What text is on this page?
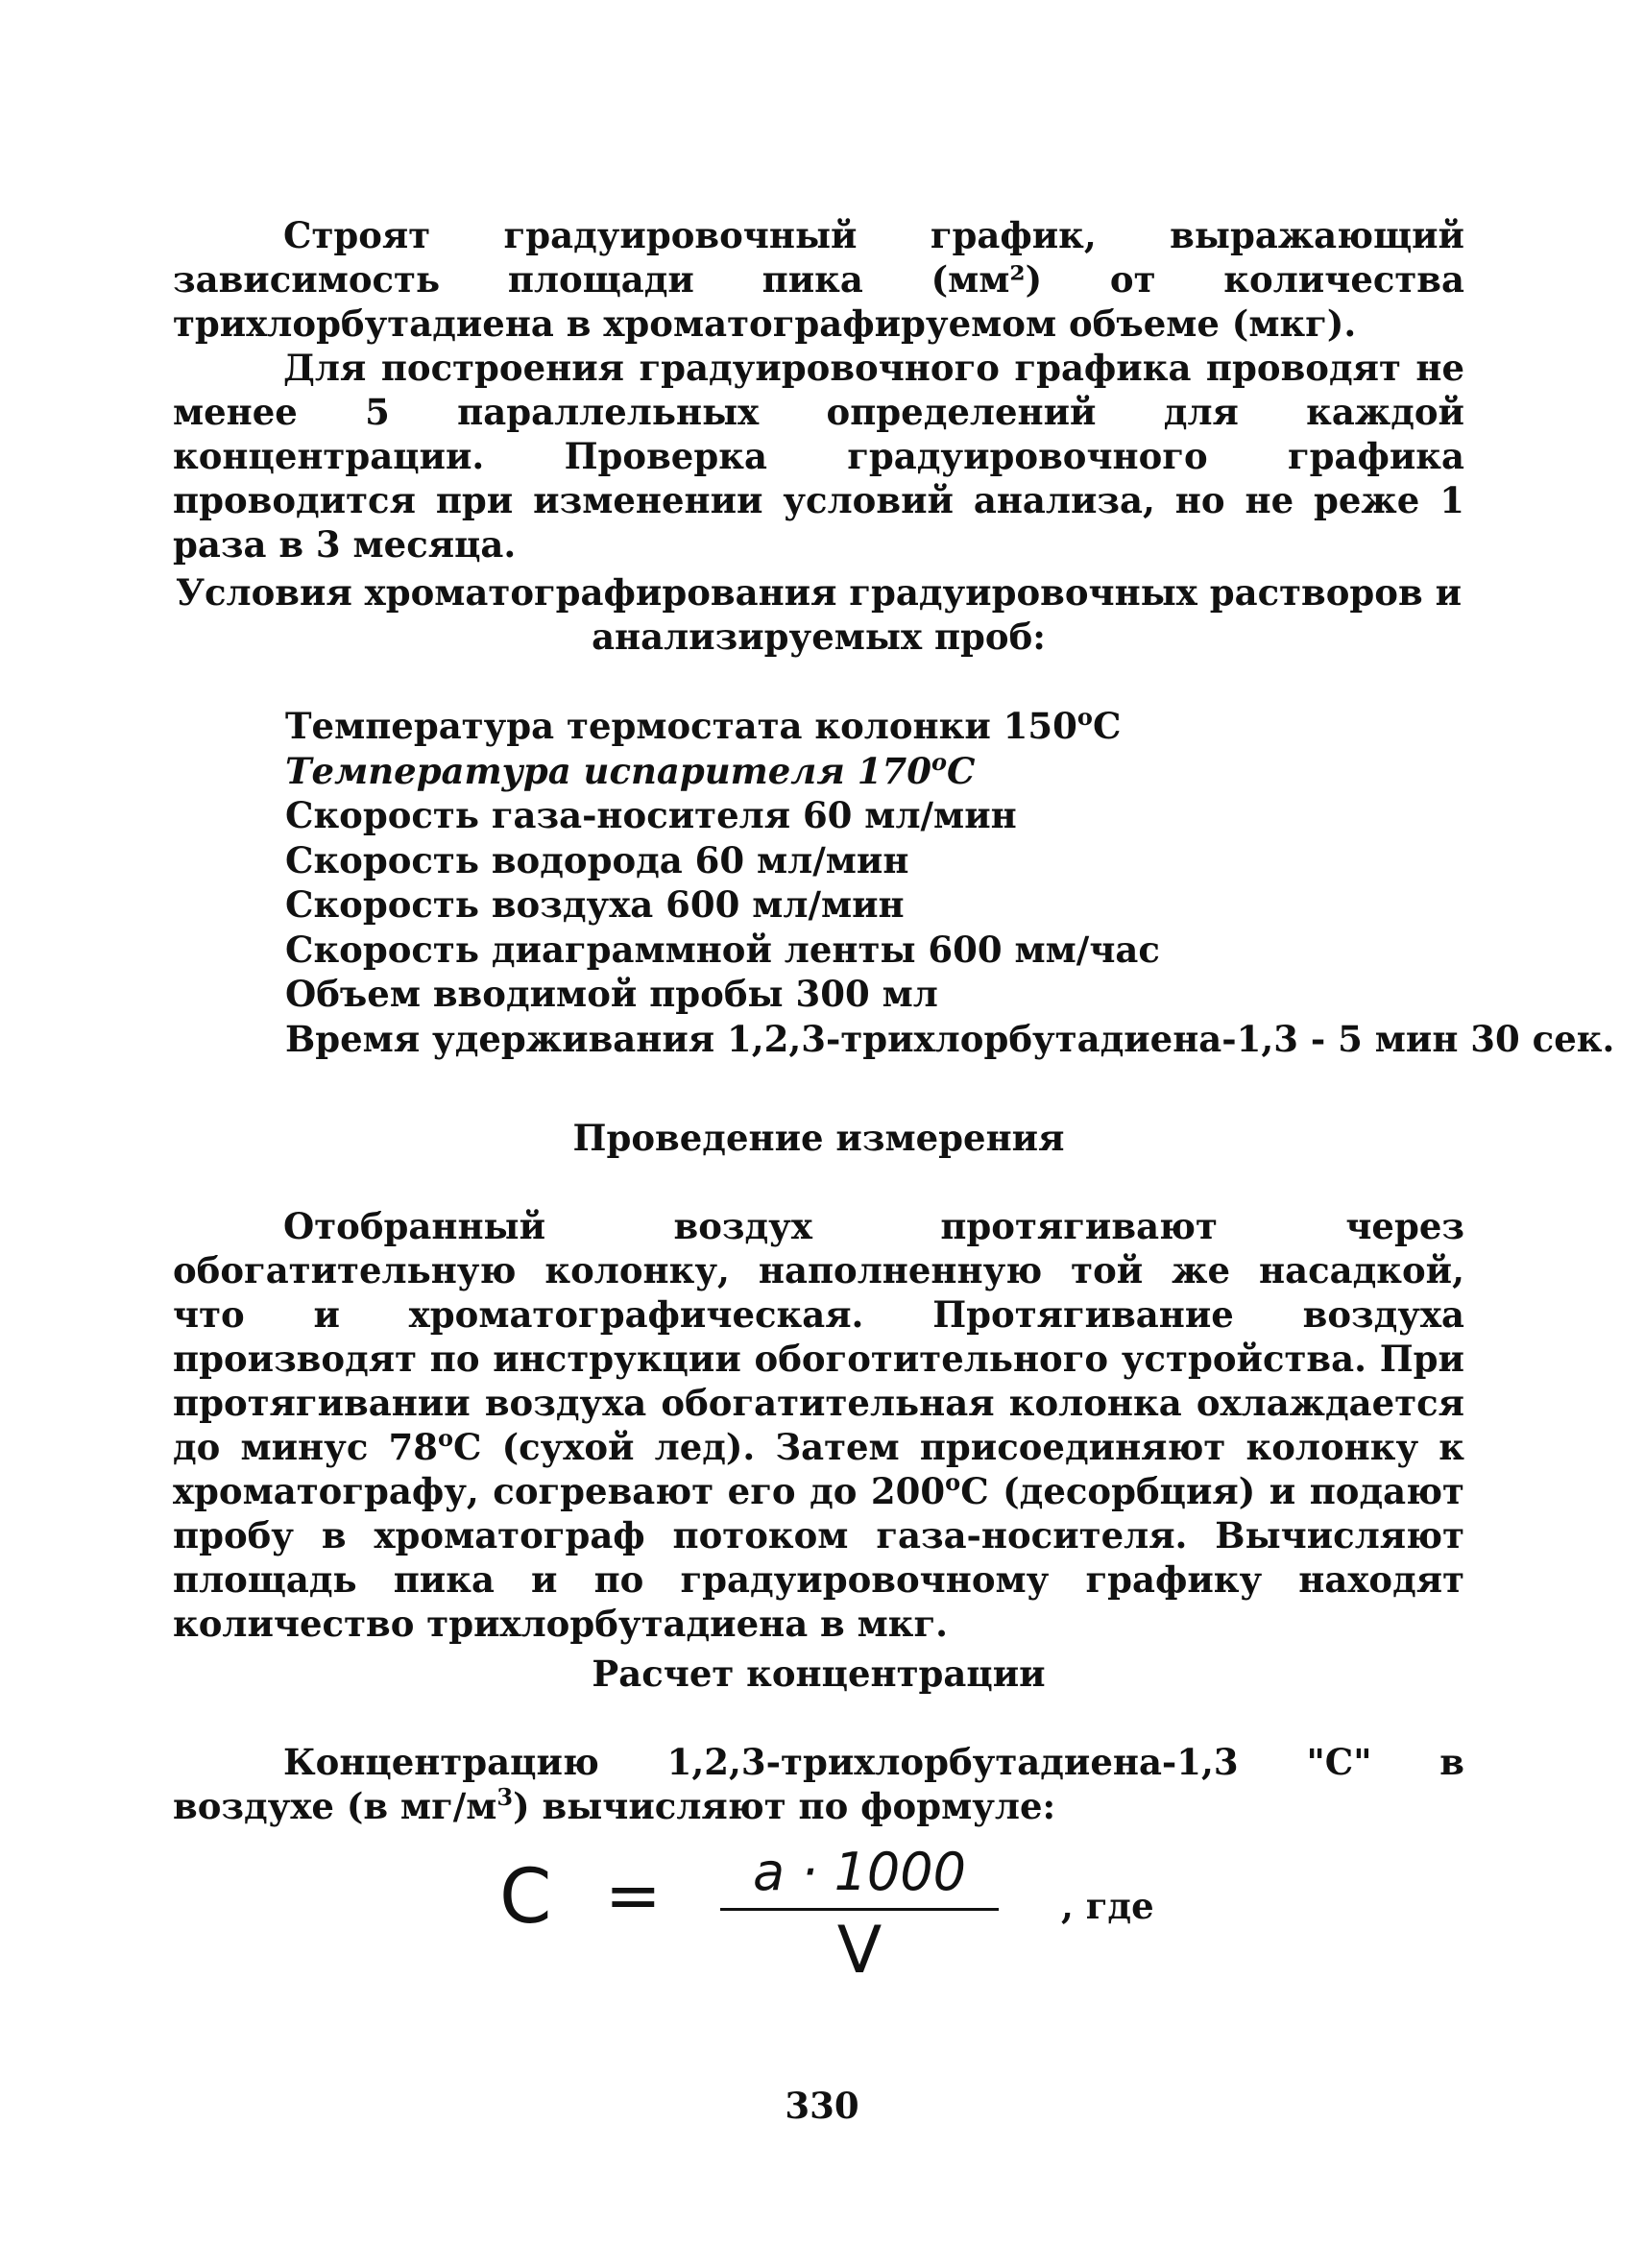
Строят градуировочный график, выражающий зависимость площади пика (мм²) от количества трихлорбутадиена в хроматографируемом объеме (мкг).

Для построения градуировочного графика проводят не менее 5 параллельных определений для каждой концентрации. Проверка градуировочного графика проводится при изменении условий анализа, но не реже 1 раза в 3 месяца.

Условия хроматографирования градуировочных растворов и анализируемых проб:

Температура термостата колонки 150$^o$C
Температура испарителя 170$^o$C
Скорость газа-носителя 60 мл/мин
Скорость водорода 60 мл/мин
Скорость воздуха 600 мл/мин
Скорость диаграммной ленты 600 мм/час
Объем вводимой пробы 300 мл
Время удерживания 1,2,3-трихлорбутадиена-1,3 - 5 мин 30 сек.

Проведение измерения

Отобранный воздух протягивают через обогатительную колонку, наполненную той же насадкой, что и хроматографическая. Протягивание воздуха производят по инструкции обоготительного устройства. При протягивании воздуха обогатительная колонка охлаждается до минус 78$^o$C (сухой лед). Затем присоединяют колонку к хроматографу, согревают его до 200$^o$C (десорбция) и подают пробу в хроматограф потоком газа-носителя. Вычисляют площадь пика и по градуировочному графику находят количество трихлорбутадиена в мкг.

Расчет концентрации

Концентрацию 1,2,3-трихлорбутадиена-1,3 "С" в воздухе (в $мг/м^3$) вычисляют по формуле:

C =	a · 1000
V
, где
330
